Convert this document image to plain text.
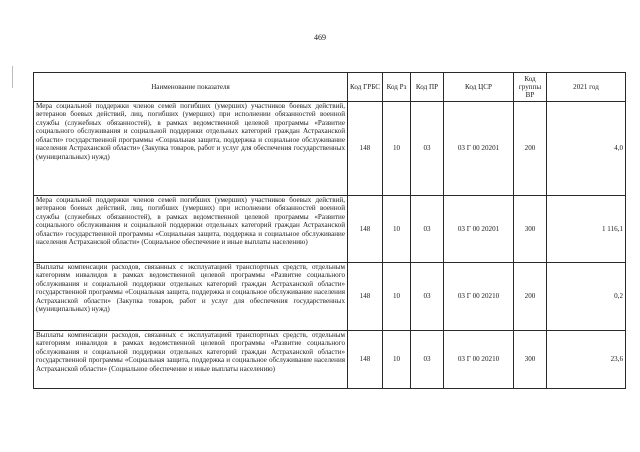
469
Наименование показателя	Код ГРБС	Код Рз	Код ПР	Код ЦСР	Код группы ВР	2021 год
Мера социальной поддержки членов семей погибших (умерших) участников боевых действий, ветеранов боевых действий, лиц, погибших (умерших) при исполнении обязанностей военной службы (служебных обязанностей), в рамках ведомственной целевой программы «Развитие социального обслуживания и социальной поддержки отдельных категорий граждан Астраханской области» государственной программы «Социальная защита, поддержка и социальное обслуживание населения Астраханской области» (Закупка товаров, работ и услуг для обеспечения государственных (муниципальных) нужд)	148	10	03	03 Г 00 20201	200	4,0
Мера социальной поддержки членов семей погибших (умерших) участников боевых действий, ветеранов боевых действий, лиц, погибших (умерших) при исполнении обязанностей военной службы (служебных обязанностей), в рамках ведомственной целевой программы «Развитие социального обслуживания и социальной поддержки отдельных категорий граждан Астраханской области» государственной программы «Социальная защита, поддержка и социальное обслуживание населения Астраханской области» (Социальное обеспечение и иные выплаты населению)	148	10	03	03 Г 00 20201	300	1 116,1
Выплаты компенсации расходов, связанных с эксплуатацией транспортных средств, отдельным категориям инвалидов в рамках ведомственной целевой программы «Развитие социального обслуживания и социальной поддержки отдельных категорий граждан Астраханской области» государственной программы «Социальная защита, поддержка и социальное обслуживание населения Астраханской области» (Закупка товаров, работ и услуг для обеспечения государственных (муниципальных) нужд)	148	10	03	03 Г 00 20210	200	0,2
Выплаты компенсации расходов, связанных с эксплуатацией транспортных средств, отдельным категориям инвалидов в рамках ведомственной целевой программы «Развитие социального обслуживания и социальной поддержки отдельных категорий граждан Астраханской области» государственной программы «Социальная защита, поддержка и социальное обслуживание населения Астраханской области» (Социальное обеспечение и иные выплаты населению)	148	10	03	03 Г 00 20210	300	23,6
